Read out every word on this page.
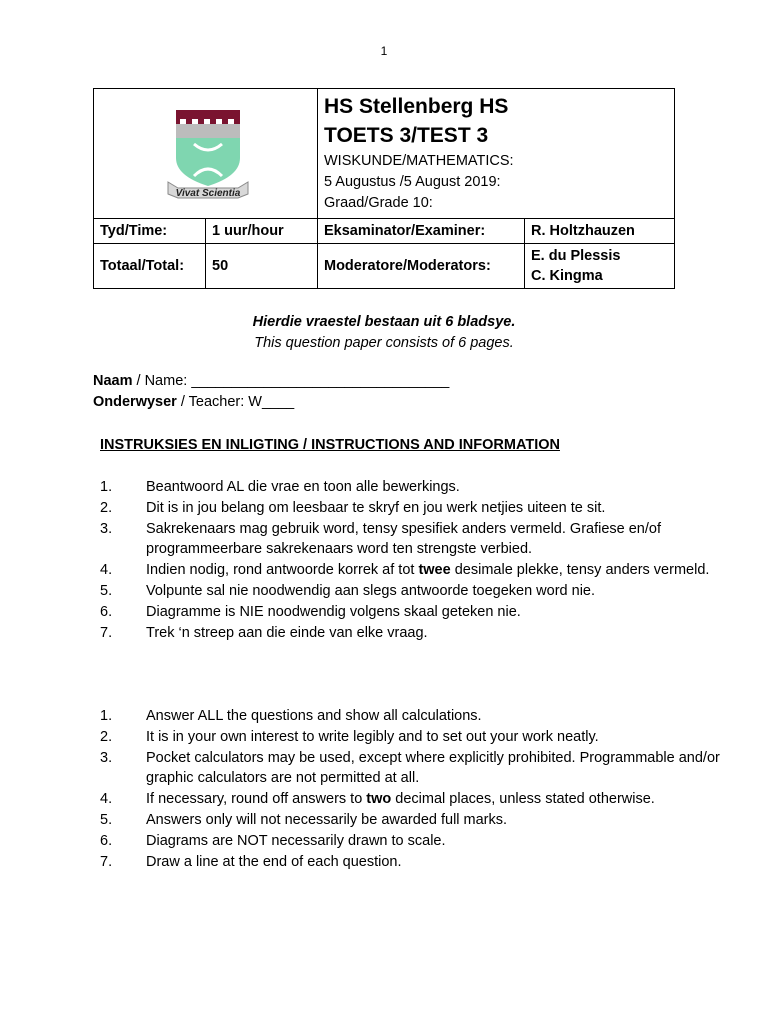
1
Vivat Scientia		HS Stellenberg HS
TOETS 3/TEST 3
WISKUNDE/MATHEMATICS:
5 Augustus /5 August 2019:
Graad/Grade 10:	

Tyd/Time:	1 uur/hour	Eksaminator/Examiner:	R. Holtzhauzen
Totaal/Total:	50	Moderatore/Moderators:	E. du Plessis
C. Kingma
Hierdie vraestel bestaan uit 6 bladsye.
This question paper consists of 6 pages.
Naam / Name: ________________________________
Onderwyser / Teacher: W____
INSTRUKSIES EN INLIGTING / INSTRUCTIONS AND INFORMATION
1. Beantwoord AL die vrae en toon alle bewerkings.
2. Dit is in jou belang om leesbaar te skryf en jou werk netjies uiteen te sit.
3. Sakrekenaars mag gebruik word, tensy spesifiek anders vermeld. Grafiese en/of programmeerbare sakrekenaars word ten strengste verbied.
4. Indien nodig, rond antwoorde korrek af tot twee desimale plekke, tensy anders vermeld.
5. Volpunte sal nie noodwendig aan slegs antwoorde toegeken word nie.
6. Diagramme is NIE noodwendig volgens skaal geteken nie.
7. Trek ‘n streep aan die einde van elke vraag.
1. Answer ALL the questions and show all calculations.
2. It is in your own interest to write legibly and to set out your work neatly.
3. Pocket calculators may be used, except where explicitly prohibited. Programmable and/or graphic calculators are not permitted at all.
4. If necessary, round off answers to two decimal places, unless stated otherwise.
5. Answers only will not necessarily be awarded full marks.
6. Diagrams are NOT necessarily drawn to scale.
7. Draw a line at the end of each question.
